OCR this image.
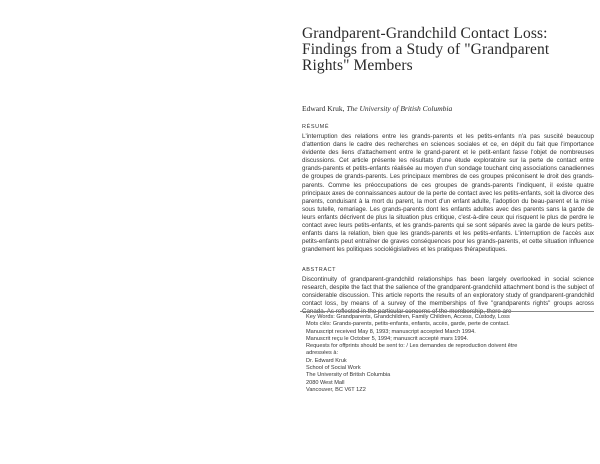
Grandparent-Grandchild Contact Loss: Findings from a Study of "Grandparent Rights" Members
Edward Kruk, The University of British Columbia
RÉSUMÉ
L'interruption des relations entre les grands-parents et les petits-enfants n'a pas suscité beaucoup d'attention dans le cadre des recherches en sciences sociales et ce, en dépit du fait que l'importance évidente des liens d'attachement entre le grand-parent et le petit-enfant fasse l'objet de nombreuses discussions. Cet article présente les résultats d'une étude exploratoire sur la perte de contact entre grands-parents et petits-enfants réalisée au moyen d'un sondage touchant cinq associations canadiennes de groupes de grands-parents. Les principaux membres de ces groupes préconisent le droit des grands-parents. Comme les préoccupations de ces groupes de grands-parents l'indiquent, il existe quatre principaux axes de connaissances autour de la perte de contact avec les petits-enfants, soit la divorce des parents, conduisant à la mort du parent, la mort d'un enfant adulte, l'adoption du beau-parent et la mise sous tutelle, remariage. Les grands-parents dont les enfants adultes avec des parents sans la garde de leurs enfants décrivent de plus la situation plus critique, c'est-à-dire ceux qui risquent le plus de perdre le contact avec leurs petits-enfants, et les grands-parents qui se sont séparés avec la garde de leurs petits-enfants dans la relation, bien que les grands-parents et les petits-enfants. L'interruption de l'accès aux petits-enfants peut entraîner de graves conséquences pour les grands-parents, et cette situation influence grandement les politiques sociolégislatives et les pratiques thérapeutiques.
ABSTRACT
Discontinuity of grandparent-grandchild relationships has been largely overlooked in social science research, despite the fact that the salience of the grandparent-grandchild attachment bond is the subject of considerable discussion. This article reports the results of an exploratory study of grandparent-grandchild contact loss, by means of a survey of the memberships of five "grandparents rights" groups across Canada. As reflected in the particular concerns of the membership, there are
Key Words: Grandparents, Grandchildren, Family Children, Access, Custody, Loss
Mots clés: Grands-parents, petits-enfants, enfants, accès, garde, perte de contact.
Manuscript received May 8, 1993; manuscript accepted March 1994.
Manuscrit reçu le October 5, 1994; manuscrit accepté mars 1994.
Requests for offprints should be sent to: / Les demandes de reproduction doivent être
adressées à:
Dr. Edward Kruk
School of Social Work
The University of British Columbia
2080 West Mall
Vancouver, BC V6T 1Z2
